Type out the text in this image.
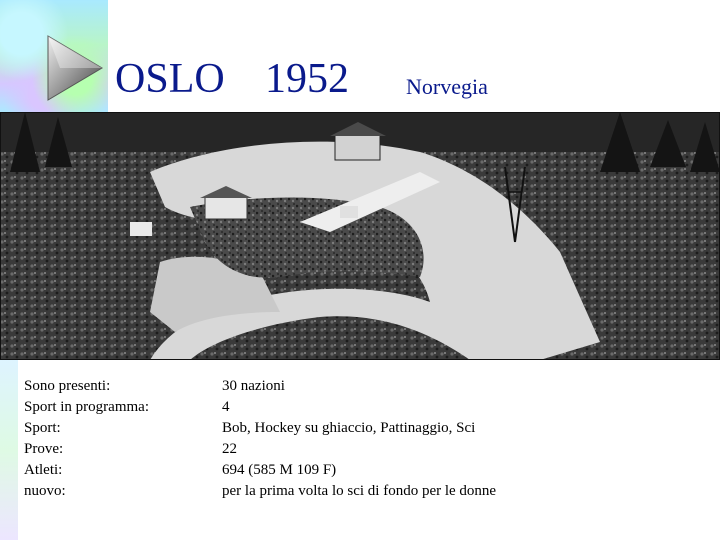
OSLO 1952	Norvegia
Sono presenti:	30 nazioni
Sport in programma:	4
Sport:	Bob, Hockey su ghiaccio, Pattinaggio, Sci
Prove:	22
Atleti:	694 (585 M 109 F)
nuovo:	per la prima volta lo sci di fondo per le donne
